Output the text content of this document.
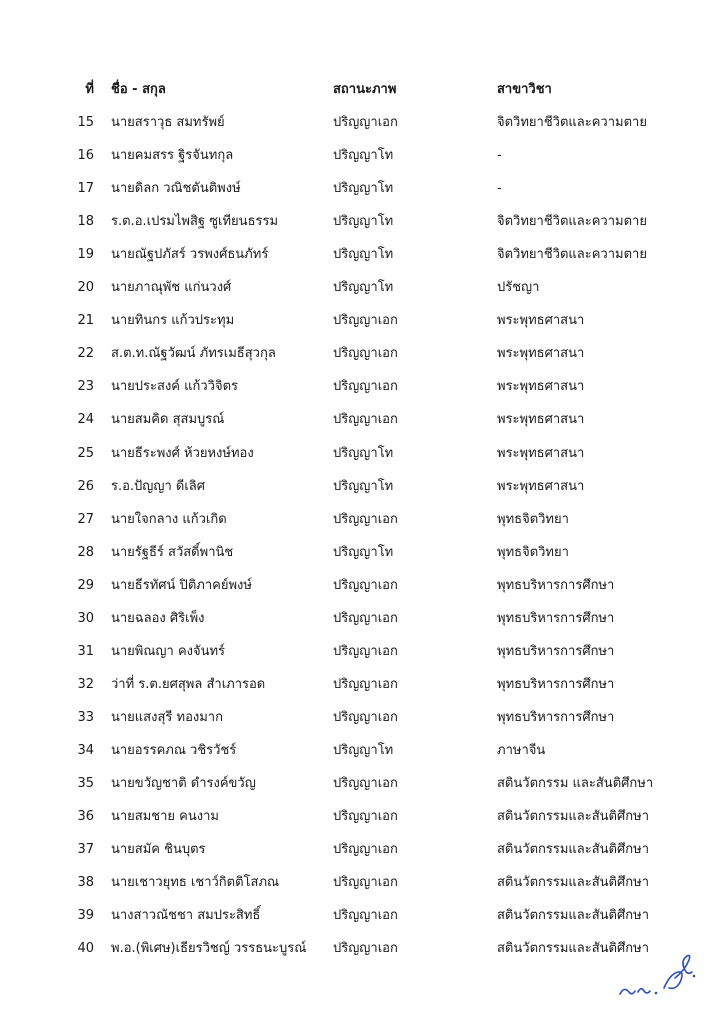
ที่ ชื่อ - สกุล	สถานะภาพ	สาขาวิชา
15 นายสราวุธ สมทรัพย์	ปริญญาเอก	จิตวิทยาชีวิตและความตาย
16 นายคมสรร ฐิรจันทกุล	ปริญญาโท	-
17 นายดิลก วณิชตันติพงษ์	ปริญญาโท	-
18 ร.ต.อ.เปรมไพสิฐ ซูเทียนธรรม	ปริญญาโท	จิตวิทยาชีวิตและความตาย
19 นายณัฐปภัสร์ วรพงศ์ธนภัทร์	ปริญญาโท	จิตวิทยาชีวิตและความตาย
20 นายภาณุพัช แก่นวงศ์	ปริญญาโท	ปรัชญา
21 นายทินกร แก้วประทุม	ปริญญาเอก	พระพุทธศาสนา
22 ส.ต.ท.ณัฐวัฒน์ ภัทรเมธีสุวกุล	ปริญญาเอก	พระพุทธศาสนา
23 นายประสงค์ แก้ววิจิตร	ปริญญาเอก	พระพุทธศาสนา
24 นายสมคิด สุสมบูรณ์	ปริญญาเอก	พระพุทธศาสนา
25 นายธีระพงศ์ ห้วยหงษ์ทอง	ปริญญาโท	พระพุทธศาสนา
26 ร.อ.ปัญญา ดีเลิศ	ปริญญาโท	พระพุทธศาสนา
27 นายใจกลาง แก้วเกิด	ปริญญาเอก	พุทธจิตวิทยา
28 นายรัฐธีร์ สวัสดิ์พานิช	ปริญญาโท	พุทธจิตวิทยา
29 นายธีรทัศน์ ปิติภาคย์พงษ์	ปริญญาเอก	พุทธบริหารการศึกษา
30 นายฉลอง ศิริเพ็ง	ปริญญาเอก	พุทธบริหารการศึกษา
31 นายพิณญา คงจันทร์	ปริญญาเอก	พุทธบริหารการศึกษา
32 ว่าที่ ร.ต.ยศสุพล สำเภารอด	ปริญญาเอก	พุทธบริหารการศึกษา
33 นายแสงสุรี ทองมาก	ปริญญาเอก	พุทธบริหารการศึกษา
34 นายอรรคภณ วชิรวัชร์	ปริญญาโท	ภาษาจีน
35 นายขวัญชาติ ดำรงค์ขวัญ	ปริญญาเอก	สตินวัตกรรม และสันติศึกษา
36 นายสมชาย คนงาม	ปริญญาเอก	สตินวัตกรรมและสันติศึกษา
37 นายสมัค ชินบุตร	ปริญญาเอก	สตินวัตกรรมและสันติศึกษา
38 นายเชาวยุทธ เชาว์กิตติโสภณ	ปริญญาเอก	สตินวัตกรรมและสันติศึกษา
39 นางสาวณัชชา สมประสิทธิ์	ปริญญาเอก	สตินวัตกรรมและสันติศึกษา
40 พ.อ.(พิเศษ)เธียรวิชญ์ วรรธนะบูรณ์ ปริญญาเอก	สตินวัตกรรมและสันติศึกษา
